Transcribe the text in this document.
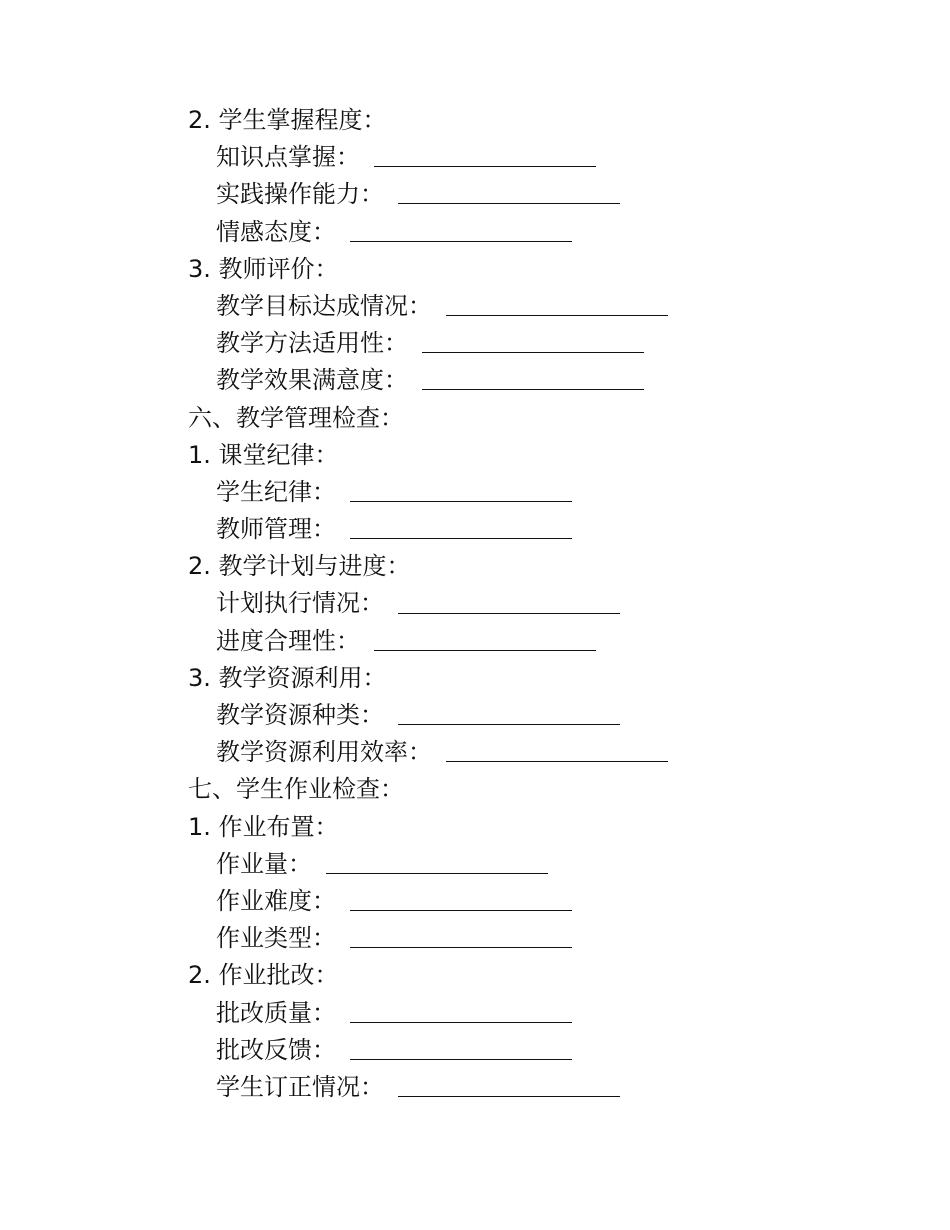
2. 学生掌握程度：
知识点掌握：
实践操作能力：
情感态度：
3. 教师评价：
教学目标达成情况：
教学方法适用性：
教学效果满意度：
六、教学管理检查：
1. 课堂纪律：
学生纪律：
教师管理：
2. 教学计划与进度：
计划执行情况：
进度合理性：
3. 教学资源利用：
教学资源种类：
教学资源利用效率：
七、学生作业检查：
1. 作业布置：
作业量：
作业难度：
作业类型：
2. 作业批改：
批改质量：
批改反馈：
学生订正情况：
